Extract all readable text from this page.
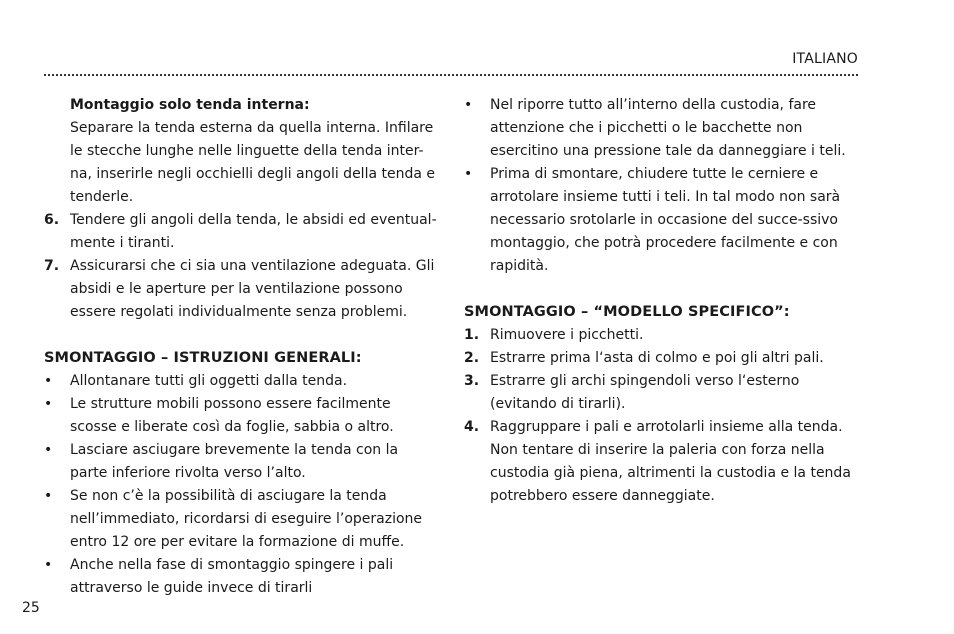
ITALIANO
Montaggio solo tenda interna:
Separare la tenda esterna da quella interna. Infilare le stecche lunghe nelle linguette della tenda inter-na, inserirle negli occhielli degli angoli della tenda e tenderle.
6. Tendere gli angoli della tenda, le absidi ed eventual-mente i tiranti.
7. Assicurarsi che ci sia una ventilazione adeguata. Gli absidi e le aperture per la ventilazione possono essere regolati individualmente senza problemi.
SMONTAGGIO – ISTRUZIONI GENERALI:
• Allontanare tutti gli oggetti dalla tenda.
• Le strutture mobili possono essere facilmente scosse e liberate così da foglie, sabbia o altro.
• Lasciare asciugare brevemente la tenda con la parte inferiore rivolta verso l’alto.
• Se non c’è la possibilità di asciugare la tenda nell’immediato, ricordarsi di eseguire l’operazione entro 12 ore per evitare la formazione di muffe.
• Anche nella fase di smontaggio spingere i pali attraverso le guide invece di tirarli
• Nel riporre tutto all’interno della custodia, fare attenzione che i picchetti o le bacchette non esercitino una pressione tale da danneggiare i teli.
• Prima di smontare, chiudere tutte le cerniere e arrotolare insieme tutti i teli. In tal modo non sarà necessario srotolarle in occasione del succe-ssivo montaggio, che potrà procedere facilmente e con rapidità.
SMONTAGGIO – “MODELLO SPECIFICO”:
1. Rimuovere i picchetti.
2. Estrarre prima l‘asta di colmo e poi gli altri pali.
3. Estrarre gli archi spingendoli verso l‘esterno (evitando di tirarli).
4. Raggruppare i pali e arrotolarli insieme alla tenda. Non tentare di inserire la paleria con forza nella custodia già piena, altrimenti la custodia e la tenda potrebbero essere danneggiate.
25
